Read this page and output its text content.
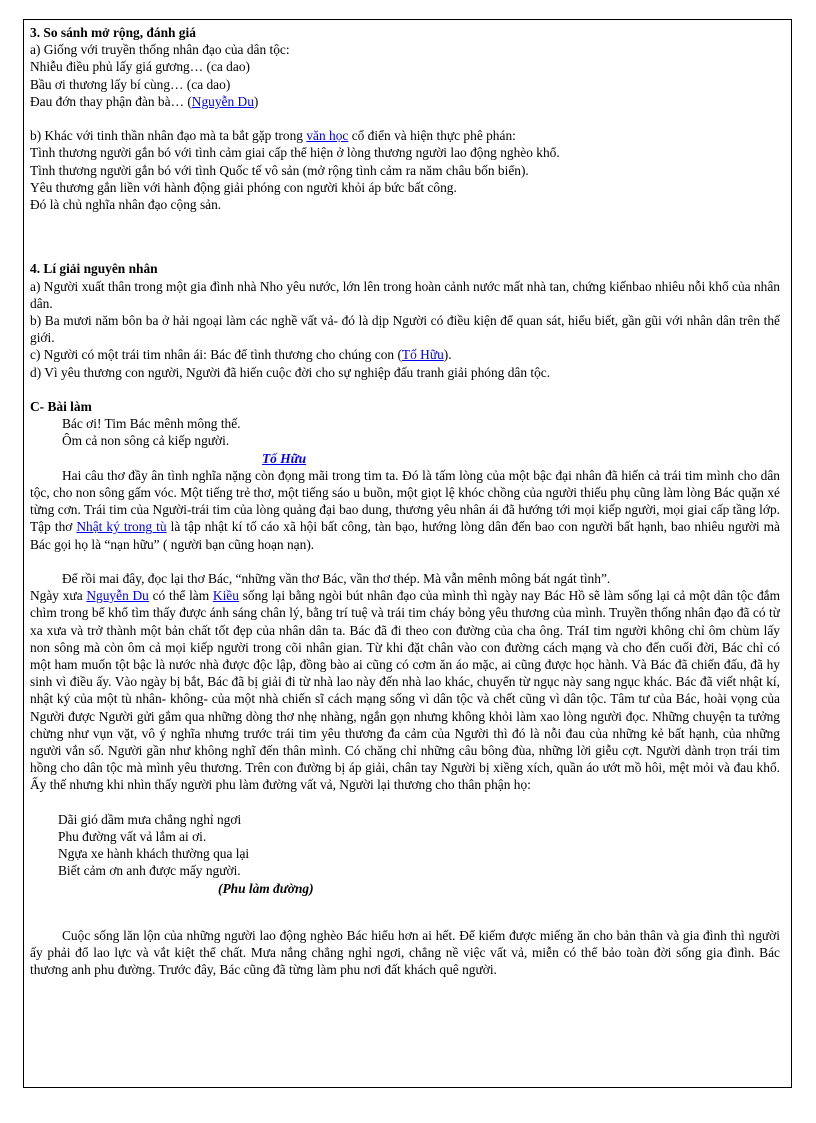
3. So sánh mở rộng, đánh giá
a) Giống với truyền thống nhân đạo của dân tộc:
Nhiễu điều phủ lấy giá gương… (ca dao)
Bầu ơi thương lấy bí cùng… (ca dao)
Đau đớn thay phận đàn bà… (Nguyễn Du)
b) Khác với tinh thần nhân đạo mà ta bắt gặp trong văn học cổ điển và hiện thực phê phán:
Tình thương người gắn bó với tình cảm giai cấp thể hiện ở lòng thương người lao động nghèo khổ.
Tình thương người gắn bó với tình Quốc tế vô sản (mở rộng tình cảm ra năm châu bốn biển).
Yêu thương gắn liền với hành động giải phóng con người khỏi áp bức bất công.
Đó là chủ nghĩa nhân đạo cộng sản.
4. Lí giải nguyên nhân
a) Người xuất thân trong một gia đình nhà Nho yêu nước, lớn lên trong hoàn cảnh nước mất nhà tan, chứng kiếnbao nhiêu nỗi khổ của nhân dân.
b) Ba mươi năm bôn ba ở hải ngoại làm các nghề vất vả- đó là dịp Người có điều kiện để quan sát, hiểu biết, gần gũi với nhân dân trên thế giới.
c) Người có một trái tim nhân ái: Bác để tình thương cho chúng con (Tố Hữu).
d) Vì yêu thương con người, Người đã hiến cuộc đời cho sự nghiệp đấu tranh giải phóng dân tộc.
C- Bài làm
Bác ơi! Tim Bác mênh mông thế.
Ôm cả non sông cả kiếp người.
Tố Hữu
Hai câu thơ đầy ân tình nghĩa nặng còn đọng mãi trong tim ta. Đó là tấm lòng của một bậc đại nhân đã hiến cả trái tim mình cho dân tộc, cho non sông gấm vóc. Một tiếng trẻ thơ, một tiếng sáo u buồn, một giọt lệ khóc chồng của người thiếu phụ cũng làm lòng Bác quặn xé từng cơn. Trái tim của Người-trái tim của lòng quảng đại bao dung, thương yêu nhân ái đã hướng tới mọi kiếp người, mọi giai cấp tầng lớp. Tập thơ Nhật ký trong tù là tập nhật kí tố cáo xã hội bất công, tàn bạo, hướng lòng dân đến bao con người bất hạnh, bao nhiêu người mà Bác gọi họ là “nạn hữu” ( người bạn cũng hoạn nạn).
Để rồi mai đây, đọc lại thơ Bác, “những vần thơ Bác, vần thơ thép. Mà vẫn mênh mông bát ngát tình”.
Ngày xưa Nguyễn Du có thể làm Kiều sống lại bằng ngòi bút nhân đạo của mình thì ngày nay Bác Hồ sẽ làm sống lại cả một dân tộc đắm chìm trong bể khổ tìm thấy được ánh sáng chân lý, bằng trí tuệ và trái tim cháy bỏng yêu thương của mình. Truyền thống nhân đạo đã có từ xa xưa và trở thành một bản chất tốt đẹp của nhân dân ta. Bác đã đi theo con đường của cha ông. TráI tim người không chỉ ôm chùm lấy non sông mà còn ôm cả mọi kiếp người trong cõi nhân gian. Từ khi đặt chân vào con đường cách mạng và cho đến cuối đời, Bác chỉ có một ham muốn tột bậc là nước nhà được độc lập, đồng bào ai cũng có cơm ăn áo mặc, ai cũng được học hành. Và Bác đã chiến đấu, đã hy sinh vì điều ấy. Vào ngày bị bắt, Bác đã bị giải đi từ nhà lao này đến nhà lao khác, chuyển từ ngục này sang ngục khác. Bác đã viết nhật kí, nhật ký của một tù nhân- không- của một nhà chiến sĩ cách mạng sống vì dân tộc và chết cũng vì dân tộc. Tâm tư của Bác, hoài vọng của Người được Người gửi gắm qua những dòng thơ nhẹ nhàng, ngắn gọn nhưng không khỏi làm xao lòng người đọc. Những chuyện ta tưởng chừng như vụn vặt, vô ý nghĩa nhưng trước trái tim yêu thương đa cảm của Người thì đó là nỗi đau của những kẻ bất hạnh, của những người vắn số. Người gần như không nghĩ đến thân mình. Có chăng chỉ những câu bông đùa, những lời giễu cợt. Người dành trọn trái tim hồng cho dân tộc mà mình yêu thương. Trên con đường bị áp giải, chân tay Người bị xiềng xích, quần áo ướt mồ hôi, mệt mỏi và đau khổ. Ấy thế nhưng khi nhìn thấy người phu làm đường vất vả, Người lại thương cho thân phận họ:
Dãi gió dầm mưa chẳng nghỉ ngơi
Phu đường vất vả lắm ai ơi.
Ngựa xe hành khách thường qua lại
Biết cảm ơn anh được mấy người.
(Phu làm đường)
Cuộc sống lăn lộn của những người lao động nghèo Bác hiểu hơn ai hết. Để kiếm được miếng ăn cho bản thân và gia đình thì người ấy phải đổ lao lực và vắt kiệt thể chất. Mưa nắng chẳng nghỉ ngơi, chẳng nề việc vất vả, miễn có thể bảo toàn đời sống gia đình. Bác thương anh phu đường. Trước đây, Bác cũng đã từng làm phu nơi đất khách quê người.
